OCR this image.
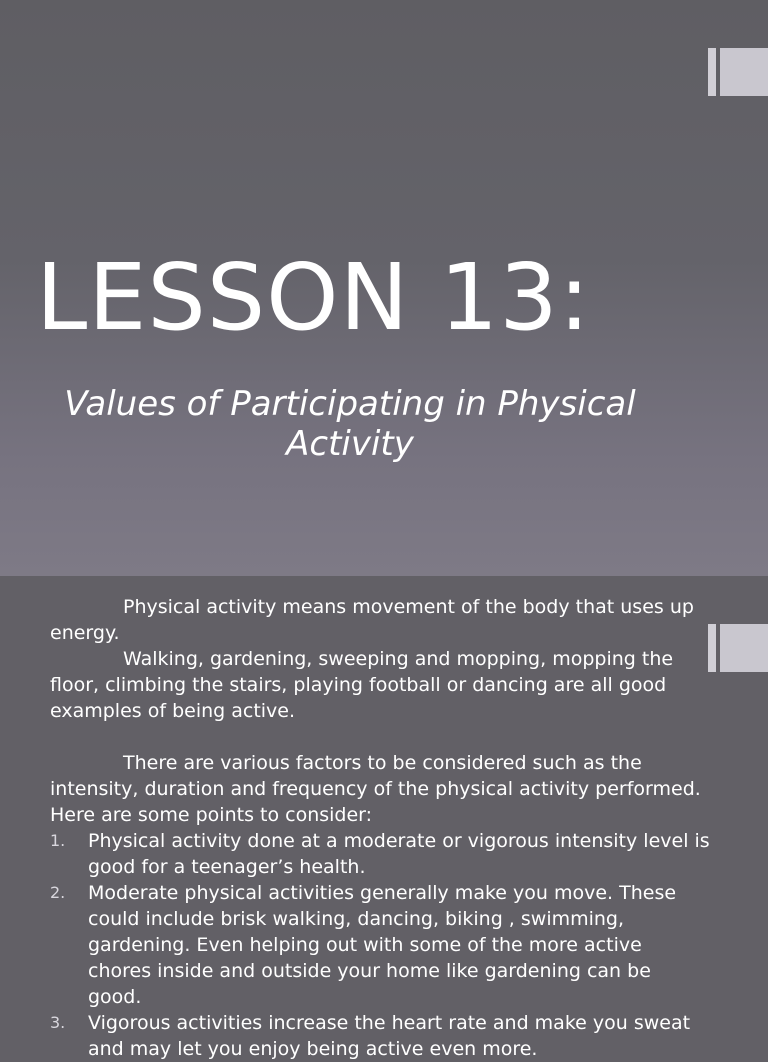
LESSON 13:

Values of Participating in Physical Activity

Physical activity means movement of the body that uses up energy.

Walking, gardening, sweeping and mopping, mopping the floor, climbing the stairs, playing football or dancing are all good examples of being active.

There are various factors to be considered such as the intensity, duration and frequency of the physical activity performed. Here are some points to consider:

1. Physical activity done at a moderate or vigorous intensity level is good for a teenager’s health.
2. Moderate physical activities generally make you move. These could include brisk walking, dancing, biking , swimming, gardening. Even helping out with some of the more active chores inside and outside your home like gardening can be good.
3. Vigorous activities increase the heart rate and make you sweat and may let you enjoy being active even more.
